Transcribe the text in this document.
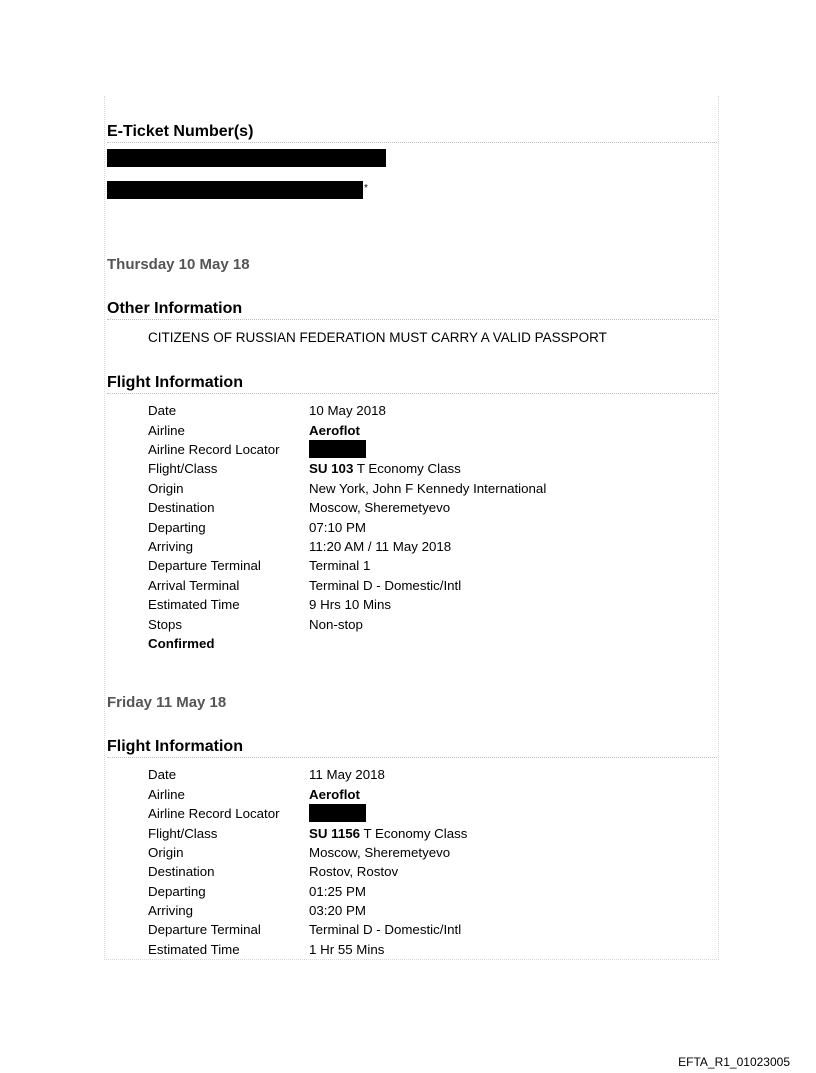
E-Ticket Number(s)
*
Thursday 10 May 18
Other Information
CITIZENS OF RUSSIAN FEDERATION MUST CARRY A VALID PASSPORT
Flight Information
Date	10 May 2018
Airline	Aeroflot
Airline Record Locator
Flight/Class	SU 103 T Economy Class
Origin	New York, John F Kennedy International
Destination	Moscow, Sheremetyevo
Departing	07:10 PM
Arriving	11:20 AM / 11 May 2018
Departure Terminal	Terminal 1
Arrival Terminal	Terminal D - Domestic/Intl
Estimated Time	9 Hrs 10 Mins
Stops	Non-stop
Confirmed
Friday 11 May 18
Flight Information
Date	11 May 2018
Airline	Aeroflot
Airline Record Locator
Flight/Class	SU 1156 T Economy Class
Origin	Moscow, Sheremetyevo
Destination	Rostov, Rostov
Departing	01:25 PM
Arriving	03:20 PM
Departure Terminal	Terminal D - Domestic/Intl
Estimated Time	1 Hr 55 Mins
EFTA_R1_01023005
